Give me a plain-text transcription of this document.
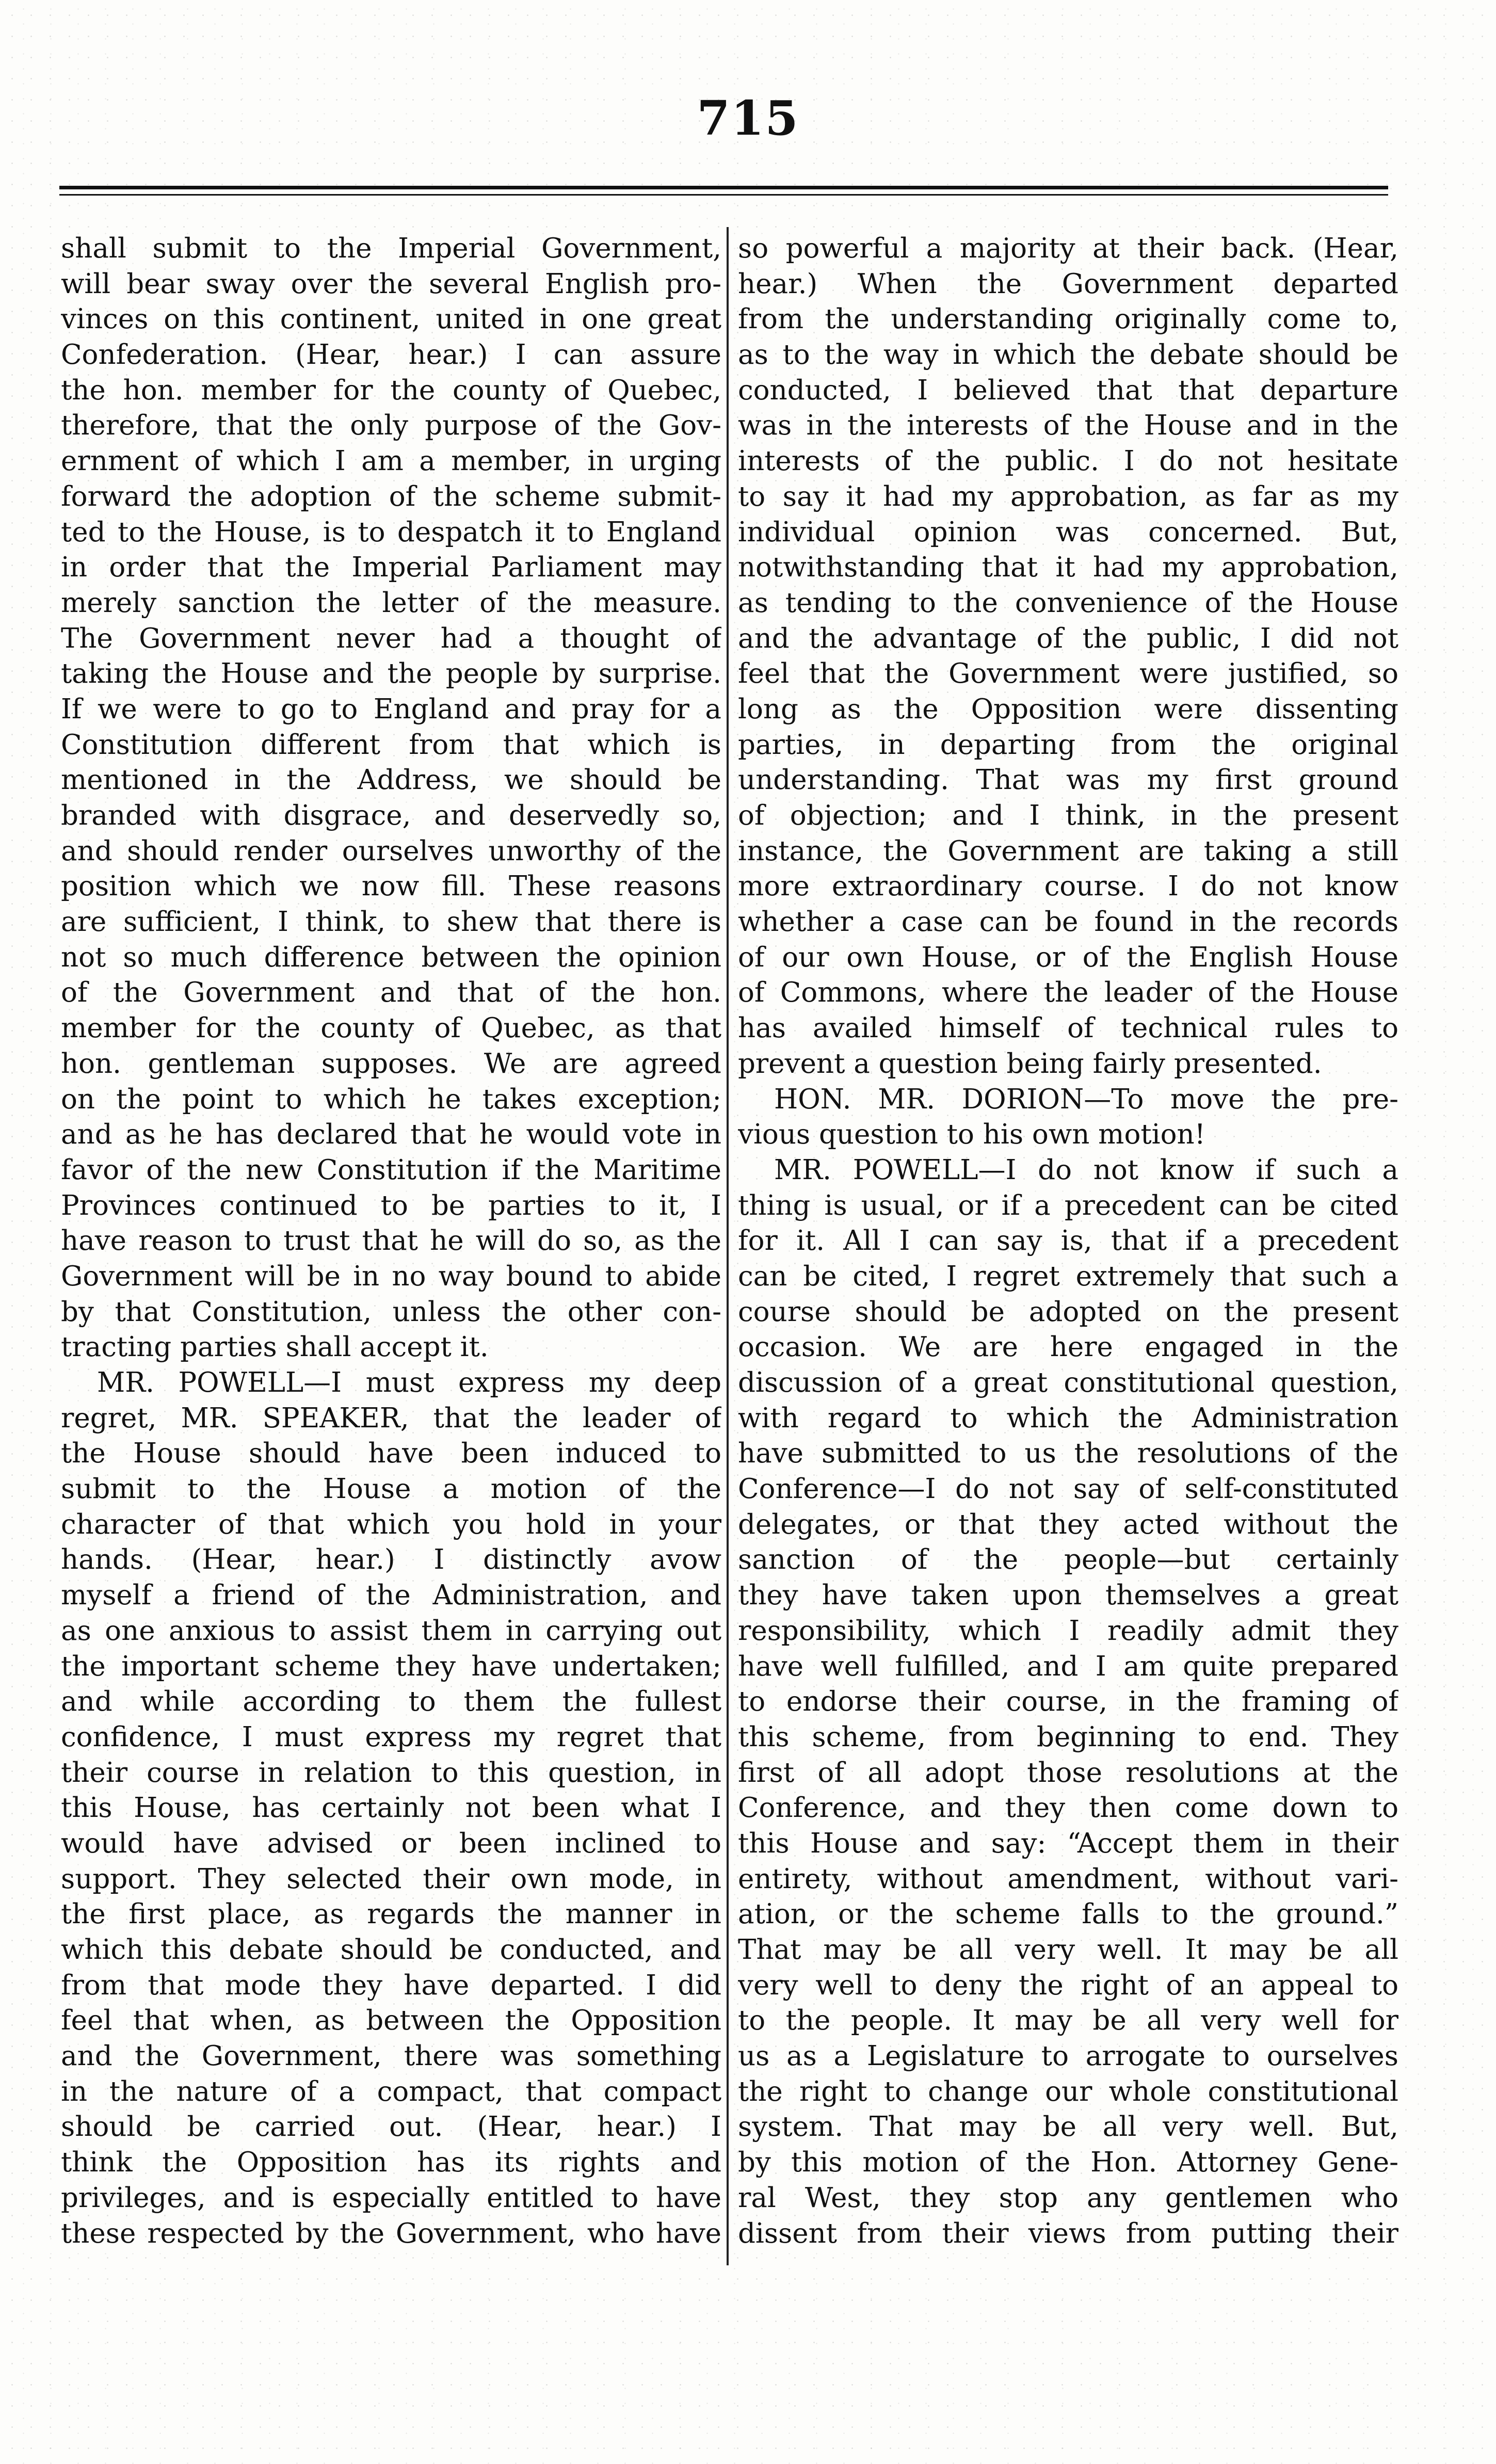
715
shall submit to the Imperial Government,
will bear sway over the several English pro-
vinces on this continent, united in one great
Confederation. (Hear, hear.) I can assure
the hon. member for the county of Quebec,
therefore, that the only purpose of the Gov-
ernment of which I am a member, in urging
forward the adoption of the scheme submit-
ted to the House, is to despatch it to England
in order that the Imperial Parliament may
merely sanction the letter of the measure.
The Government never had a thought of
taking the House and the people by surprise.
If we were to go to England and pray for a
Constitution different from that which is
mentioned in the Address, we should be
branded with disgrace, and deservedly so,
and should render ourselves unworthy of the
position which we now fill. These reasons
are sufficient, I think, to shew that there is
not so much difference between the opinion
of the Government and that of the hon.
member for the county of Quebec, as that
hon. gentleman supposes. We are agreed
on the point to which he takes exception;
and as he has declared that he would vote in
favor of the new Constitution if the Maritime
Provinces continued to be parties to it, I
have reason to trust that he will do so, as the
Government will be in no way bound to abide
by that Constitution, unless the other con-
tracting parties shall accept it.
MR. POWELL—I must express my deep
regret, MR. SPEAKER, that the leader of
the House should have been induced to
submit to the House a motion of the
character of that which you hold in your
hands. (Hear, hear.) I distinctly avow
myself a friend of the Administration, and
as one anxious to assist them in carrying out
the important scheme they have undertaken;
and while according to them the fullest
confidence, I must express my regret that
their course in relation to this question, in
this House, has certainly not been what I
would have advised or been inclined to
support. They selected their own mode, in
the first place, as regards the manner in
which this debate should be conducted, and
from that mode they have departed. I did
feel that when, as between the Opposition
and the Government, there was something
in the nature of a compact, that compact
should be carried out. (Hear, hear.) I
think the Opposition has its rights and
privileges, and is especially entitled to have
these respected by the Government, who have
so powerful a majority at their back. (Hear,
hear.) When the Government departed
from the understanding originally come to,
as to the way in which the debate should be
conducted, I believed that that departure
was in the interests of the House and in the
interests of the public. I do not hesitate
to say it had my approbation, as far as my
individual opinion was concerned. But,
notwithstanding that it had my approbation,
as tending to the convenience of the House
and the advantage of the public, I did not
feel that the Government were justified, so
long as the Opposition were dissenting
parties, in departing from the original
understanding. That was my first ground
of objection; and I think, in the present
instance, the Government are taking a still
more extraordinary course. I do not know
whether a case can be found in the records
of our own House, or of the English House
of Commons, where the leader of the House
has availed himself of technical rules to
prevent a question being fairly presented.
HON. MR. DORION—To move the pre-
vious question to his own motion!
MR. POWELL—I do not know if such a
thing is usual, or if a precedent can be cited
for it. All I can say is, that if a precedent
can be cited, I regret extremely that such a
course should be adopted on the present
occasion. We are here engaged in the
discussion of a great constitutional question,
with regard to which the Administration
have submitted to us the resolutions of the
Conference—I do not say of self-constituted
delegates, or that they acted without the
sanction of the people—but certainly
they have taken upon themselves a great
responsibility, which I readily admit they
have well fulfilled, and I am quite prepared
to endorse their course, in the framing of
this scheme, from beginning to end. They
first of all adopt those resolutions at the
Conference, and they then come down to
this House and say: “Accept them in their
entirety, without amendment, without vari-
ation, or the scheme falls to the ground.”
That may be all very well. It may be all
very well to deny the right of an appeal to
to the people. It may be all very well for
us as a Legislature to arrogate to ourselves
the right to change our whole constitutional
system. That may be all very well. But,
by this motion of the Hon. Attorney Gene-
ral West, they stop any gentlemen who
dissent from their views from putting their
